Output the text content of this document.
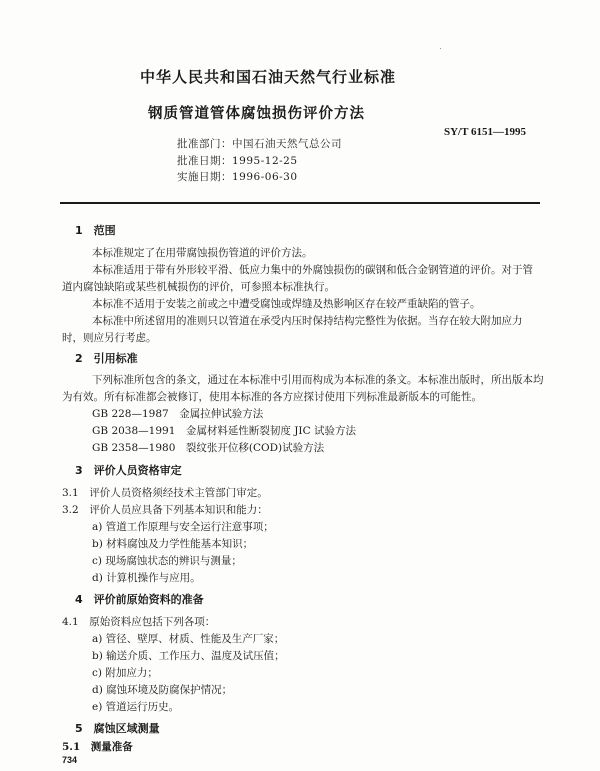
中华人民共和国石油天然气行业标准
钢质管道管体腐蚀损伤评价方法
SY/T 6151—1995
批准部门：中国石油天然气总公司
批准日期：1995-12-25
实施日期：1996-06-30
1　范围
本标准规定了在用带腐蚀损伤管道的评价方法。
本标准适用于带有外形较平滑、低应力集中的外腐蚀损伤的碳钢和低合金钢管道的评价。对于管
道内腐蚀缺陷或某些机械损伤的评价，可参照本标准执行。
本标准不适用于安装之前或之中遭受腐蚀或焊缝及热影响区存在较严重缺陷的管子。
本标准中所述留用的准则只以管道在承受内压时保持结构完整性为依据。当存在较大附加应力
时，则应另行考虑。
2　引用标准
下列标准所包含的条文，通过在本标准中引用而构成为本标准的条文。本标准出版时，所出版本均
为有效。所有标准都会被修订，使用本标准的各方应探讨使用下列标准最新版本的可能性。
GB 228—1987　金属拉伸试验方法
GB 2038—1991　金属材料延性断裂韧度 JIC 试验方法
GB 2358—1980　裂纹张开位移(COD)试验方法
3　评价人员资格审定
3.1　评价人员资格须经技术主管部门审定。
3.2　评价人员应具备下列基本知识和能力：
a) 管道工作原理与安全运行注意事项；
b) 材料腐蚀及力学性能基本知识；
c) 现场腐蚀状态的辨识与测量；
d) 计算机操作与应用。
4　评价前原始资料的准备
4.1　原始资料应包括下列各项：
a) 管径、壁厚、材质、性能及生产厂家；
b) 输送介质、工作压力、温度及试压值；
c) 附加应力；
d) 腐蚀环境及防腐保护情况；
e) 管道运行历史。
5　腐蚀区域测量
5.1　测量准备
734
